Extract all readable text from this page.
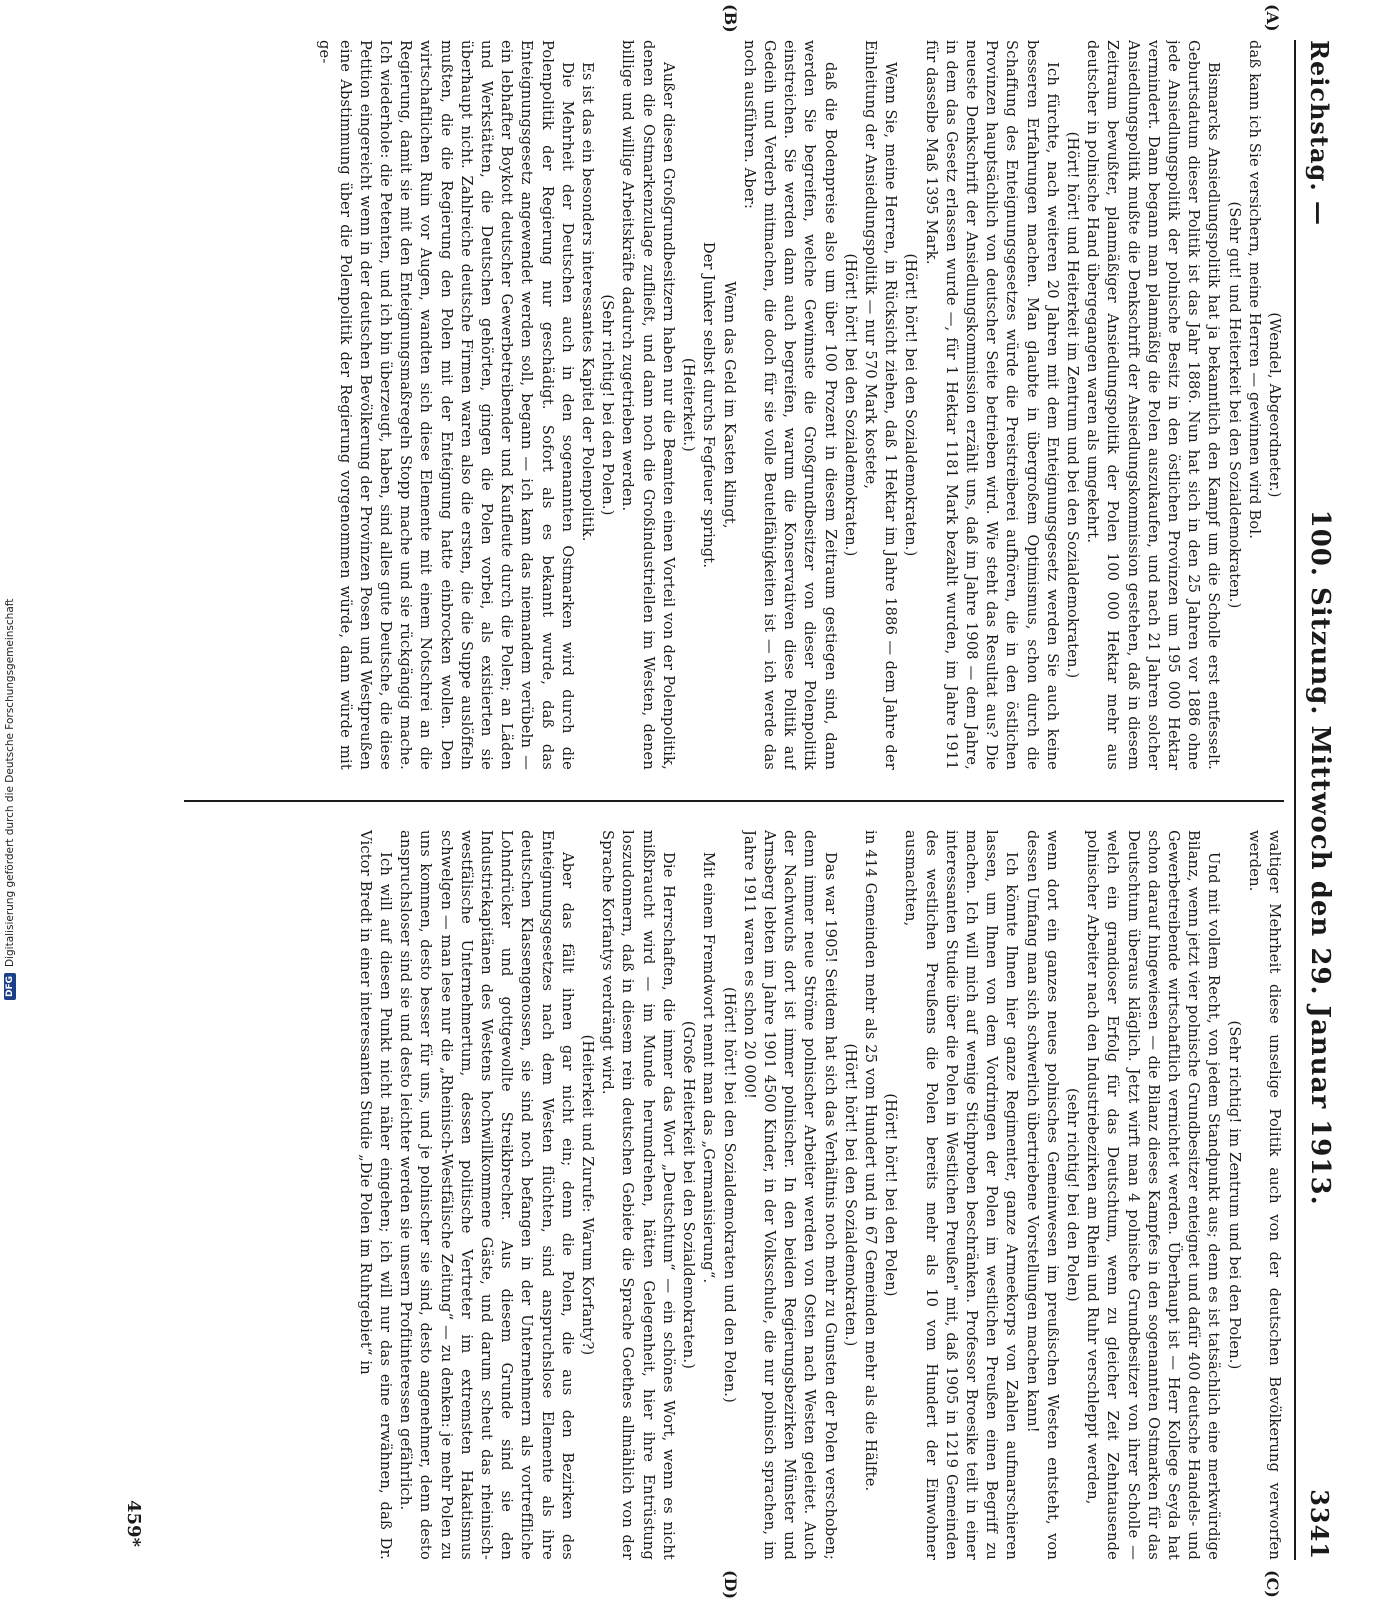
Reichstag. —
100. Sitzung. Mittwoch den 29. Januar 1913.
3341
(A)
(B)
(C)
(D)

(Wendel, Abgeordneter.)

daß kann ich Sie versichern, meine Herren — gewinnen wird Bol.

(Sehr gut! und Heiterkeit bei den Sozialdemokraten.)

Bismarcks Ansiedlungspolitik hat ja bekanntlich den Kampf um die Scholle erst entfesselt. Geburtsdatum dieser Politik ist das Jahr 1886. Nun hat sich in den 25 Jahren vor 1886 ohne jede Ansiedlungspolitik der polnische Besitz in den östlichen Provinzen um 195 000 Hektar vermindert. Dann begann man planmäßig die Polen auszukaufen, und nach 21 Jahren solcher Ansiedlungspolitik mußte die Denkschrift der Ansiedlungskommission gestehen, daß in diesem Zeitraum bewußter, planmäßiger Ansiedlungspolitik der Polen 100 000 Hektar mehr aus deutscher in polnische Hand übergegangen waren als umgekehrt.

(Hört! hört! und Heiterkeit im Zentrum und bei den Sozialdemokraten.)

Ich fürchte, nach weiteren 20 Jahren mit dem Enteignungsgesetz werden Sie auch keine besseren Erfahrungen machen. Man glaubte in übergroßem Optimismus, schon durch die Schaffung des Enteignungsgesetzes würde die Preistreiberei aufhören, die in den östlichen Provinzen hauptsächlich von deutscher Seite betrieben wird. Wie steht das Resultat aus? Die neueste Denkschrift der Ansiedlungskommission erzählt uns, daß im Jahre 1908 — dem Jahre, in dem das Gesetz erlassen wurde —, für 1 Hektar 1181 Mark bezahlt wurden, im Jahre 1911 für dasselbe Maß 1395 Mark.

(Hört! hört! bei den Sozialdemokraten.)

Wenn Sie, meine Herren, in Rücksicht ziehen, daß 1 Hektar im Jahre 1886 — dem Jahre der Einleitung der Ansiedlungspolitik — nur 570 Mark kostete,

(Hört! hört! bei den Sozialdemokraten.)

daß die Bodenpreise also um über 100 Prozent in diesem Zeitraum gestiegen sind, dann werden Sie begreifen, welche Gewinnste die Großgrundbesitzer von dieser Polenpolitik einstreichen. Sie werden dann auch begreifen, warum die Konservativen diese Politik auf Gedeih und Verderb mitmachen, die doch für sie volle Beutelfähigkeiten ist — ich werde das noch ausführen. Aber:

Wenn das Geld im Kasten klingt,

Der Junker selbst durchs Fegfeuer springt.

(Heiterkeit.)

Außer diesen Großgrundbesitzern haben nur die Beamten einen Vorteil von der Polenpolitik, denen die Ostmarkenzulage zufließt, und dann noch die Großindustriellen im Westen, denen billige und willige Arbeitskräfte dadurch zugetrieben werden.

(Sehr richtig! bei den Polen.)

Es ist das ein besonders interessantes Kapitel der Polenpolitik.

Die Mehrheit der Deutschen auch in den sogenannten Ostmarken wird durch die Polenpolitik der Regierung nur geschädigt. Sofort als es bekannt wurde, daß das Enteignungsgesetz angewendet werden soll, begann — ich kann das niemandem verübeln — ein lebhafter Boykott deutscher Gewerbetreibender und Kaufleute durch die Polen; an Läden und Werkstätten, die Deutschen gehörten, gingen die Polen vorbei, als existierten sie überhaupt nicht. Zahlreiche deutsche Firmen waren also die ersten, die die Suppe auslöffeln mußten, die die Regierung den Polen mit der Enteignung hatte einbrocken wollen. Den wirtschaftlichen Ruin vor Augen, wandten sich diese Elemente mit einem Notschrei an die Regierung, damit sie mit den Enteignungsmaßregeln Stopp mache und sie rückgängig mache. Ich wiederhole: die Petenten, und ich bin überzeugt, haben, sind alles gute Deutsche, die diese Petition eingereicht wenn in der deutschen Bevölkerung der Provinzen Posen und Westpreußen eine Abstimmung über die Polenpolitik der Regierung vorgenommen würde, dann würde mit ge-

waltiger Mehrheit diese unselige Politik auch von der deutschen Bevölkerung verworfen werden.

(Sehr richtig! im Zentrum und bei den Polen.)

Und mit vollem Recht, von jedem Standpunkt aus; denn es ist tatsächlich eine merkwürdige Bilanz, wenn jetzt vier polnische Grundbesitzer enteignet und dafür 400 deutsche Handels- und Gewerbetreibende wirtschaftlich vernichtet werden. Überhaupt ist — Herr Kollege Seyda hat schon darauf hingewiesen — die Bilanz dieses Kampfes in den sogenannten Ostmarken für das Deutschtum überaus kläglich. Jetzt wirft man 4 polnische Grundbesitzer von ihrer Scholle — welch ein grandioser Erfolg für das Deutschtum, wenn zu gleicher Zeit Zehntausende polnischer Arbeiter nach den Industriebezirken am Rhein und Ruhr verschleppt werden,

(sehr richtig! bei den Polen)

wenn dort ein ganzes neues polnisches Gemeinwesen im preußischen Westen entsteht, von dessen Umfang man sich schwerlich übertriebene Vorstellungen machen kann!

Ich könnte Ihnen hier ganze Regimenter, ganze Armeekorps von Zahlen aufmarschieren lassen, um Ihnen von dem Vordringen der Polen im westlichen Preußen einen Begriff zu machen. Ich will mich auf wenige Stichproben beschränken. Professor Broesike teilt in einer interessanten Studie über die Polen in Westlichen Preußen" mit, daß 1905 in 1219 Gemeinden des westlichen Preußens die Polen bereits mehr als 10 vom Hundert der Einwohner ausmachten,

(Hört! hört! bei den Polen)

in 414 Gemeinden mehr als 25 vom Hundert und in 67 Gemeinden mehr als die Hälfte.

(Hört! hört! bei den Sozialdemokraten.)

Das war 1905! Seitdem hat sich das Verhältnis noch mehr zu Gunsten der Polen verschoben; denn immer neue Ströme polnischer Arbeiter werden von Osten nach Westen geleitet. Auch der Nachwuchs dort ist immer polnischer. In den beiden Regierungsbezirken Münster und Arnsberg lebten im Jahre 1901 4500 Kinder, in der Volksschule, die nur polnisch sprachen, im Jahre 1911 waren es schon 20 000!

(Hört! hört! bei den Sozialdemokraten und den Polen.)

Mit einem Fremdwort nennt man das „Germanisierung“.

(Große Heiterkeit bei den Sozialdemokraten.)

Die Herrschaften, die immer das Wort „Deutschtum“ — ein schönes Wort, wenn es nicht mißbraucht wird — im Munde herumdrehen, hätten Gelegenheit, hier ihre Entrüstung loszudonnern, daß in diesem rein deutschen Gebiete die Sprache Goethes allmählich von der Sprache Korfantys verdrängt wird.

(Heiterkeit und Zurufe: Warum Korfanty?)

Aber das fällt ihnen gar nicht ein; denn die Polen, die aus den Bezirken des Enteignungsgesetzes nach dem Westen flüchten, sind anspruchslose Elemente als ihre deutschen Klassengenossen, sie sind noch befangen in der Unternehmern als vortreffliche Lohndrücker und gottgewollte Streikbrecher. Aus diesem Grunde sind sie den Industriekapitänen des Westens hochwillkommene Gäste, und darum scheut das rheinisch-westfälische Unternehmertum, dessen politische Vertreter im extremsten Hakatismus schwelgen — man lese nur die „Rheinisch-Westfälische Zeitung“ — zu denken: je mehr Polen zu uns kommen, desto besser für uns, und je polnischer sie sind, desto angenehmer, denn desto anspruchsloser sind sie und desto leichter werden sie unsern Profitinteressen gefährlich.

Ich will auf diesen Punkt nicht näher eingehen; ich will nur das eine erwähnen, daß Dr. Victor Bredt in einer interessanten Studie „Die Polen im Ruhrgebiet“ in

459*
DFG
Digitalisierung gefördert durch die Deutsche Forschungsgemeinschaft
